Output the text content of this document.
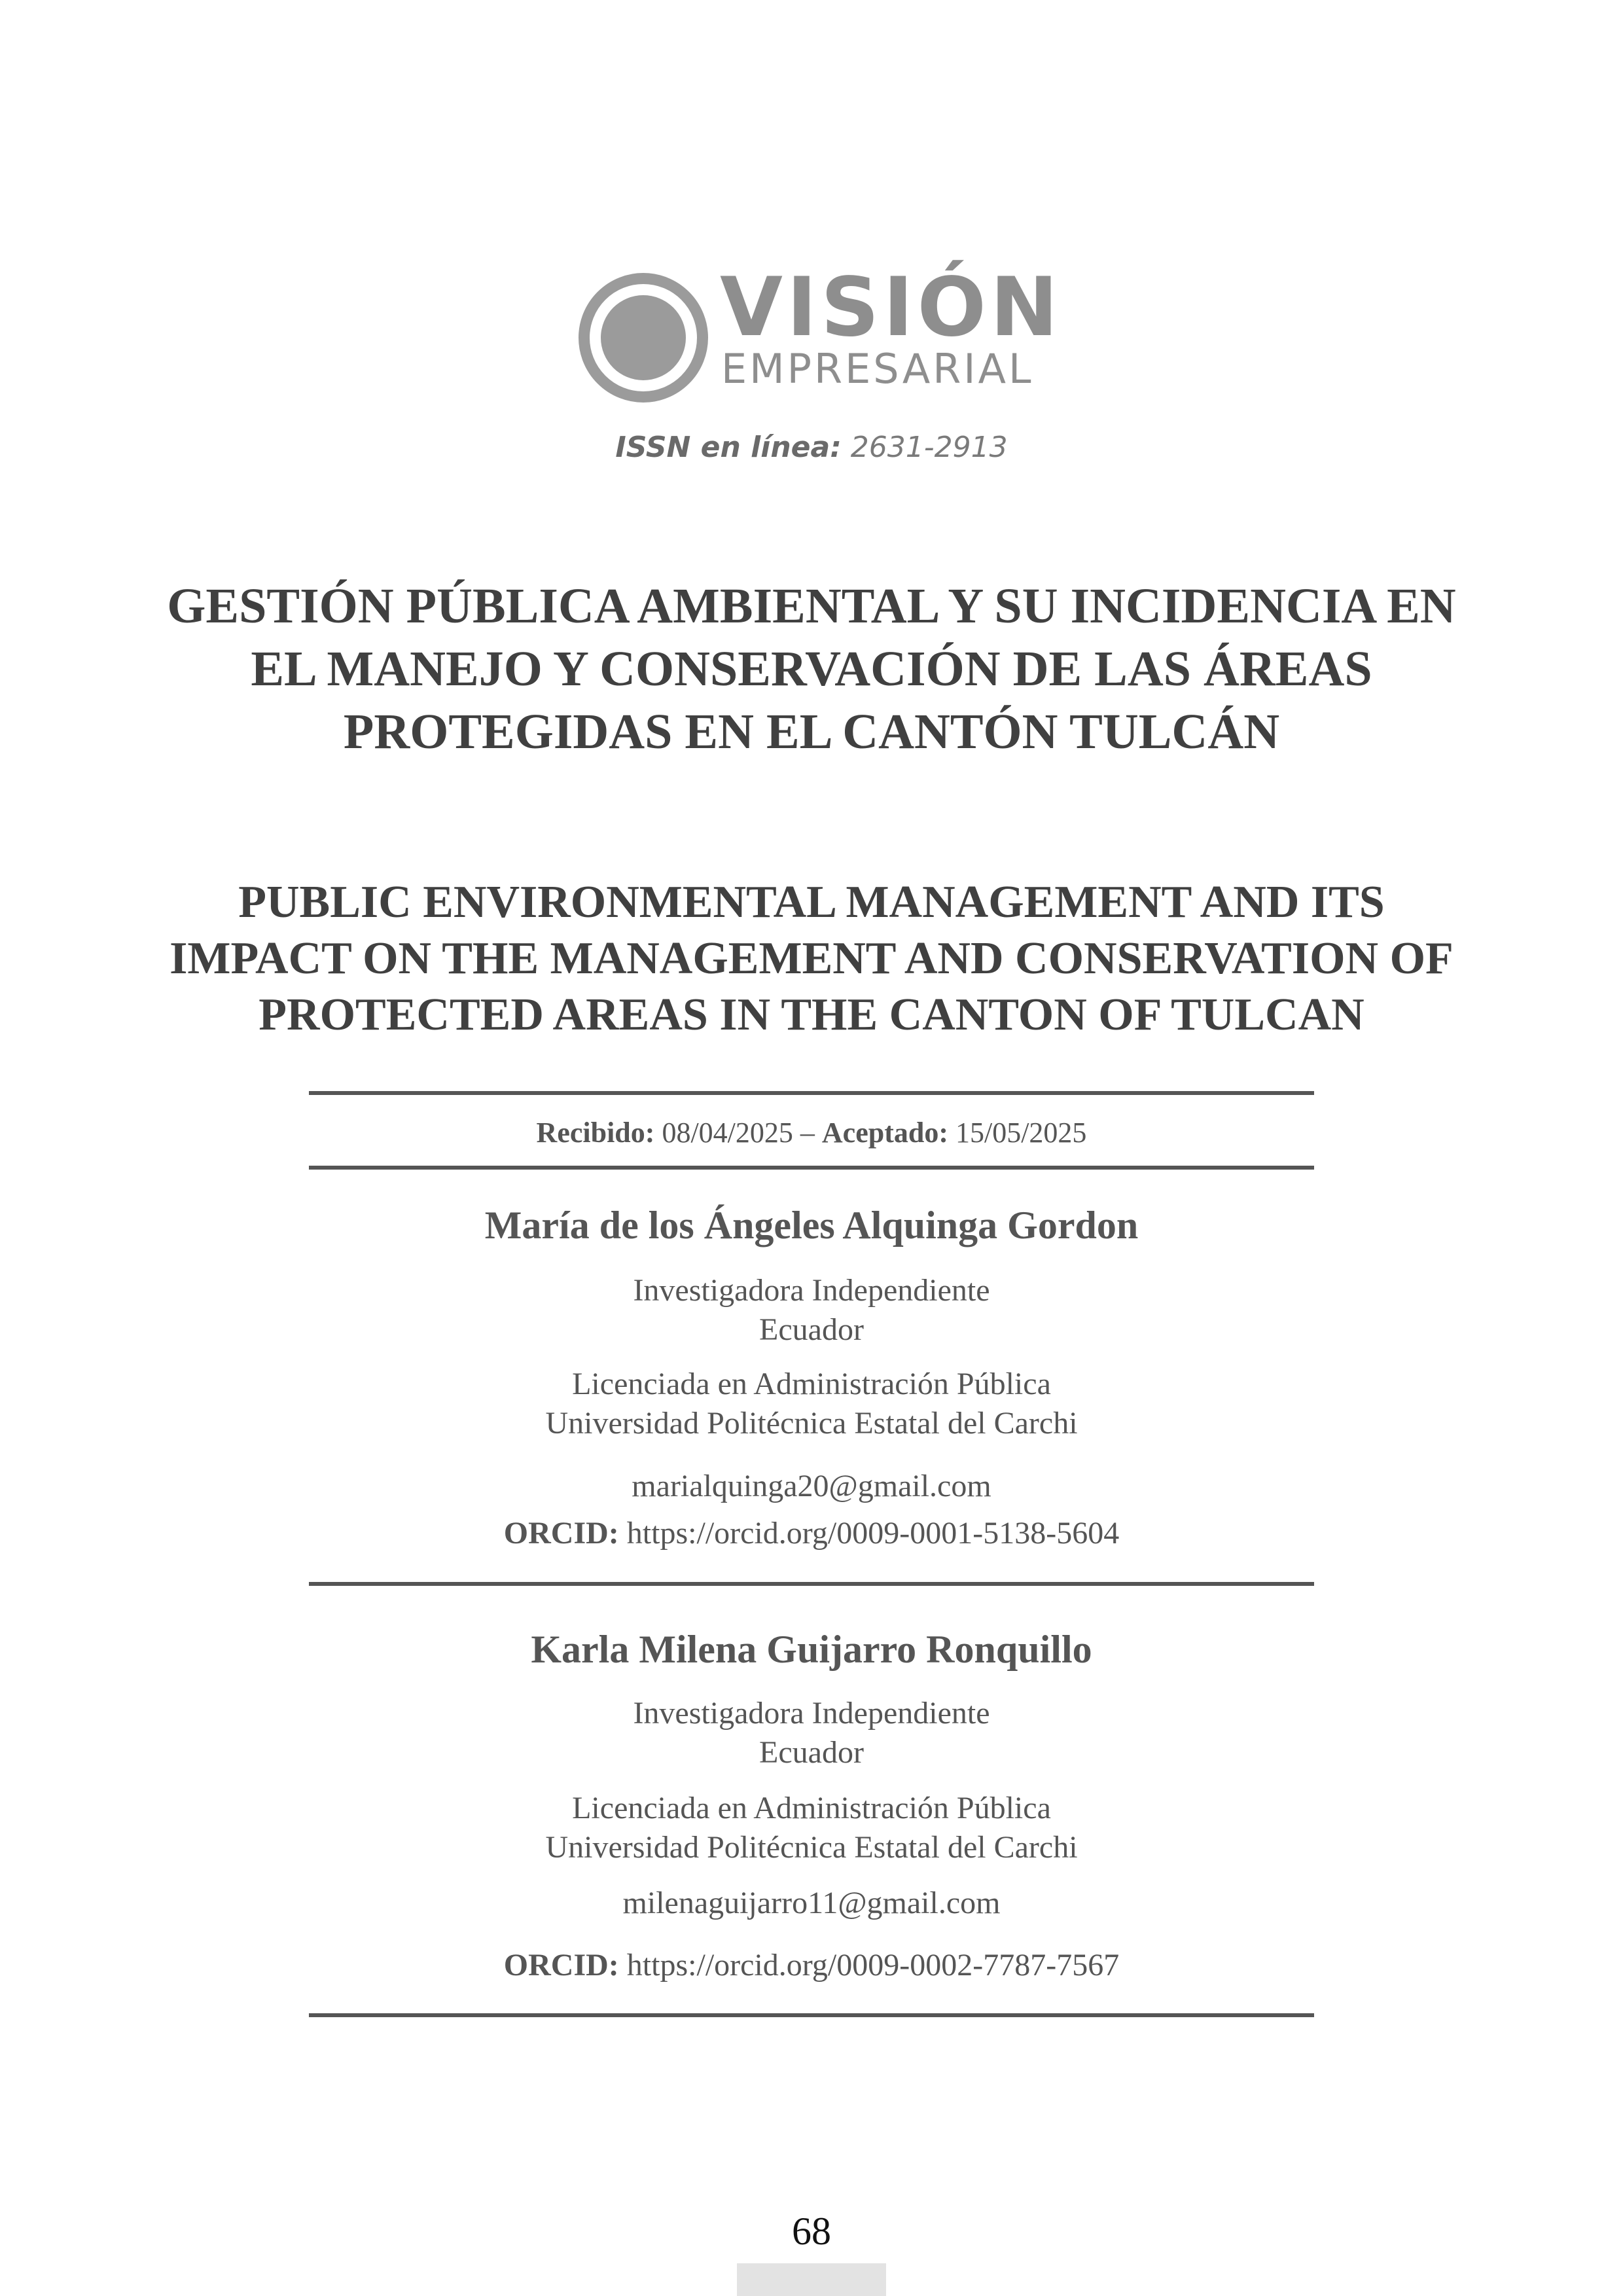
VISIÓN
EMPRESARIAL
ISSN en línea: 2631-2913
GESTIÓN PÚBLICA AMBIENTAL Y SU INCIDENCIA EN EL MANEJO Y CONSERVACIÓN DE LAS ÁREAS PROTEGIDAS EN EL CANTÓN TULCÁN
PUBLIC ENVIRONMENTAL MANAGEMENT AND ITS IMPACT ON THE MANAGEMENT AND CONSERVATION OF PROTECTED AREAS IN THE CANTON OF TULCAN
Recibido: 08/04/2025 – Aceptado: 15/05/2025
María de los Ángeles Alquinga Gordon
Investigadora Independiente
Ecuador
Licenciada en Administración Pública
Universidad Politécnica Estatal del Carchi
marialquinga20@gmail.com
ORCID: https://orcid.org/0009-0001-5138-5604
Karla Milena Guijarro Ronquillo
Investigadora Independiente
Ecuador
Licenciada en Administración Pública
Universidad Politécnica Estatal del Carchi
milenaguijarro11@gmail.com
ORCID: https://orcid.org/0009-0002-7787-7567
68
